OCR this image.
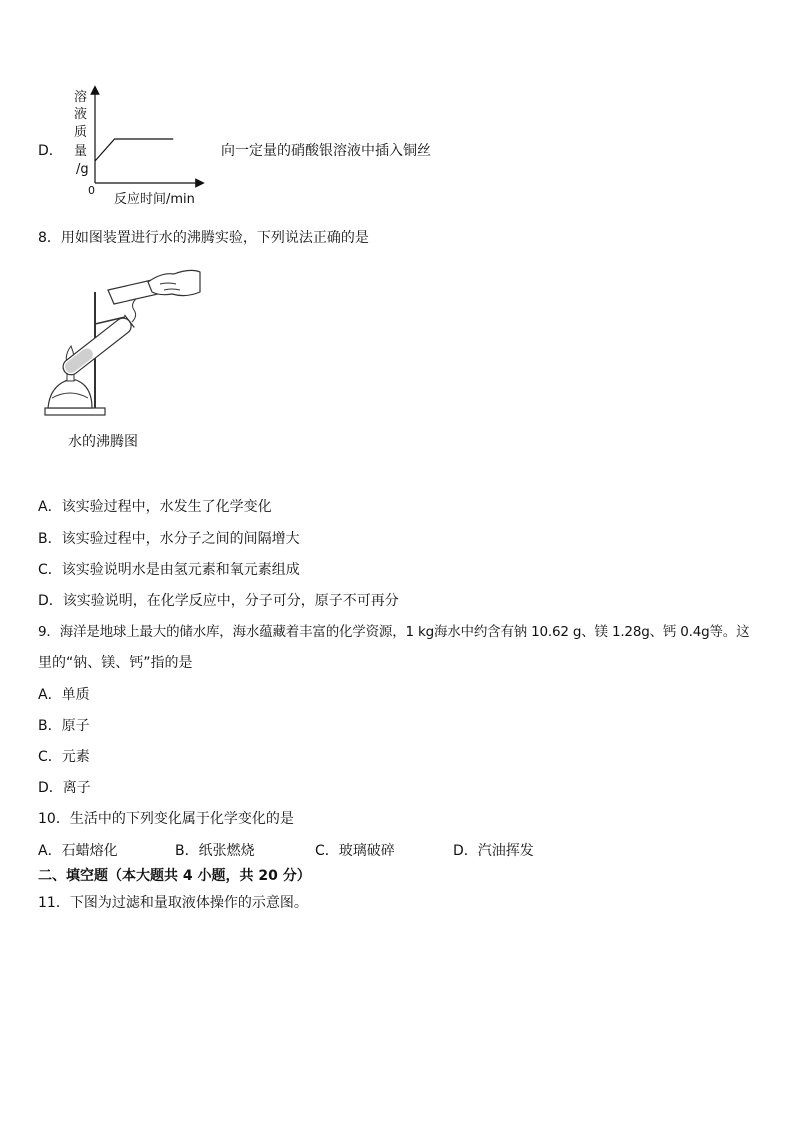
D．
溶
液
质
量
/g
0
反应时间/min
向一定量的硝酸银溶液中插入铜丝
8．用如图装置进行水的沸腾实验，下列说法正确的是
水的沸腾图
A．该实验过程中，水发生了化学变化
B．该实验过程中，水分子之间的间隔增大
C．该实验说明水是由氢元素和氧元素组成
D．该实验说明，在化学反应中，分子可分，原子不可再分
9．海洋是地球上最大的储水库，海水蕴藏着丰富的化学资源，1 kg海水中约含有钠 10.62 g、镁 1.28g、钙 0.4g等。这
里的“钠、镁、钙”指的是
A．单质
B．原子
C．元素
D．离子
10．生活中的下列变化属于化学变化的是
A．石蜡熔化	B．纸张燃烧	C．玻璃破碎	D．汽油挥发
二、填空题（本大题共 4 小题，共 20 分）
11．下图为过滤和量取液体操作的示意图。
